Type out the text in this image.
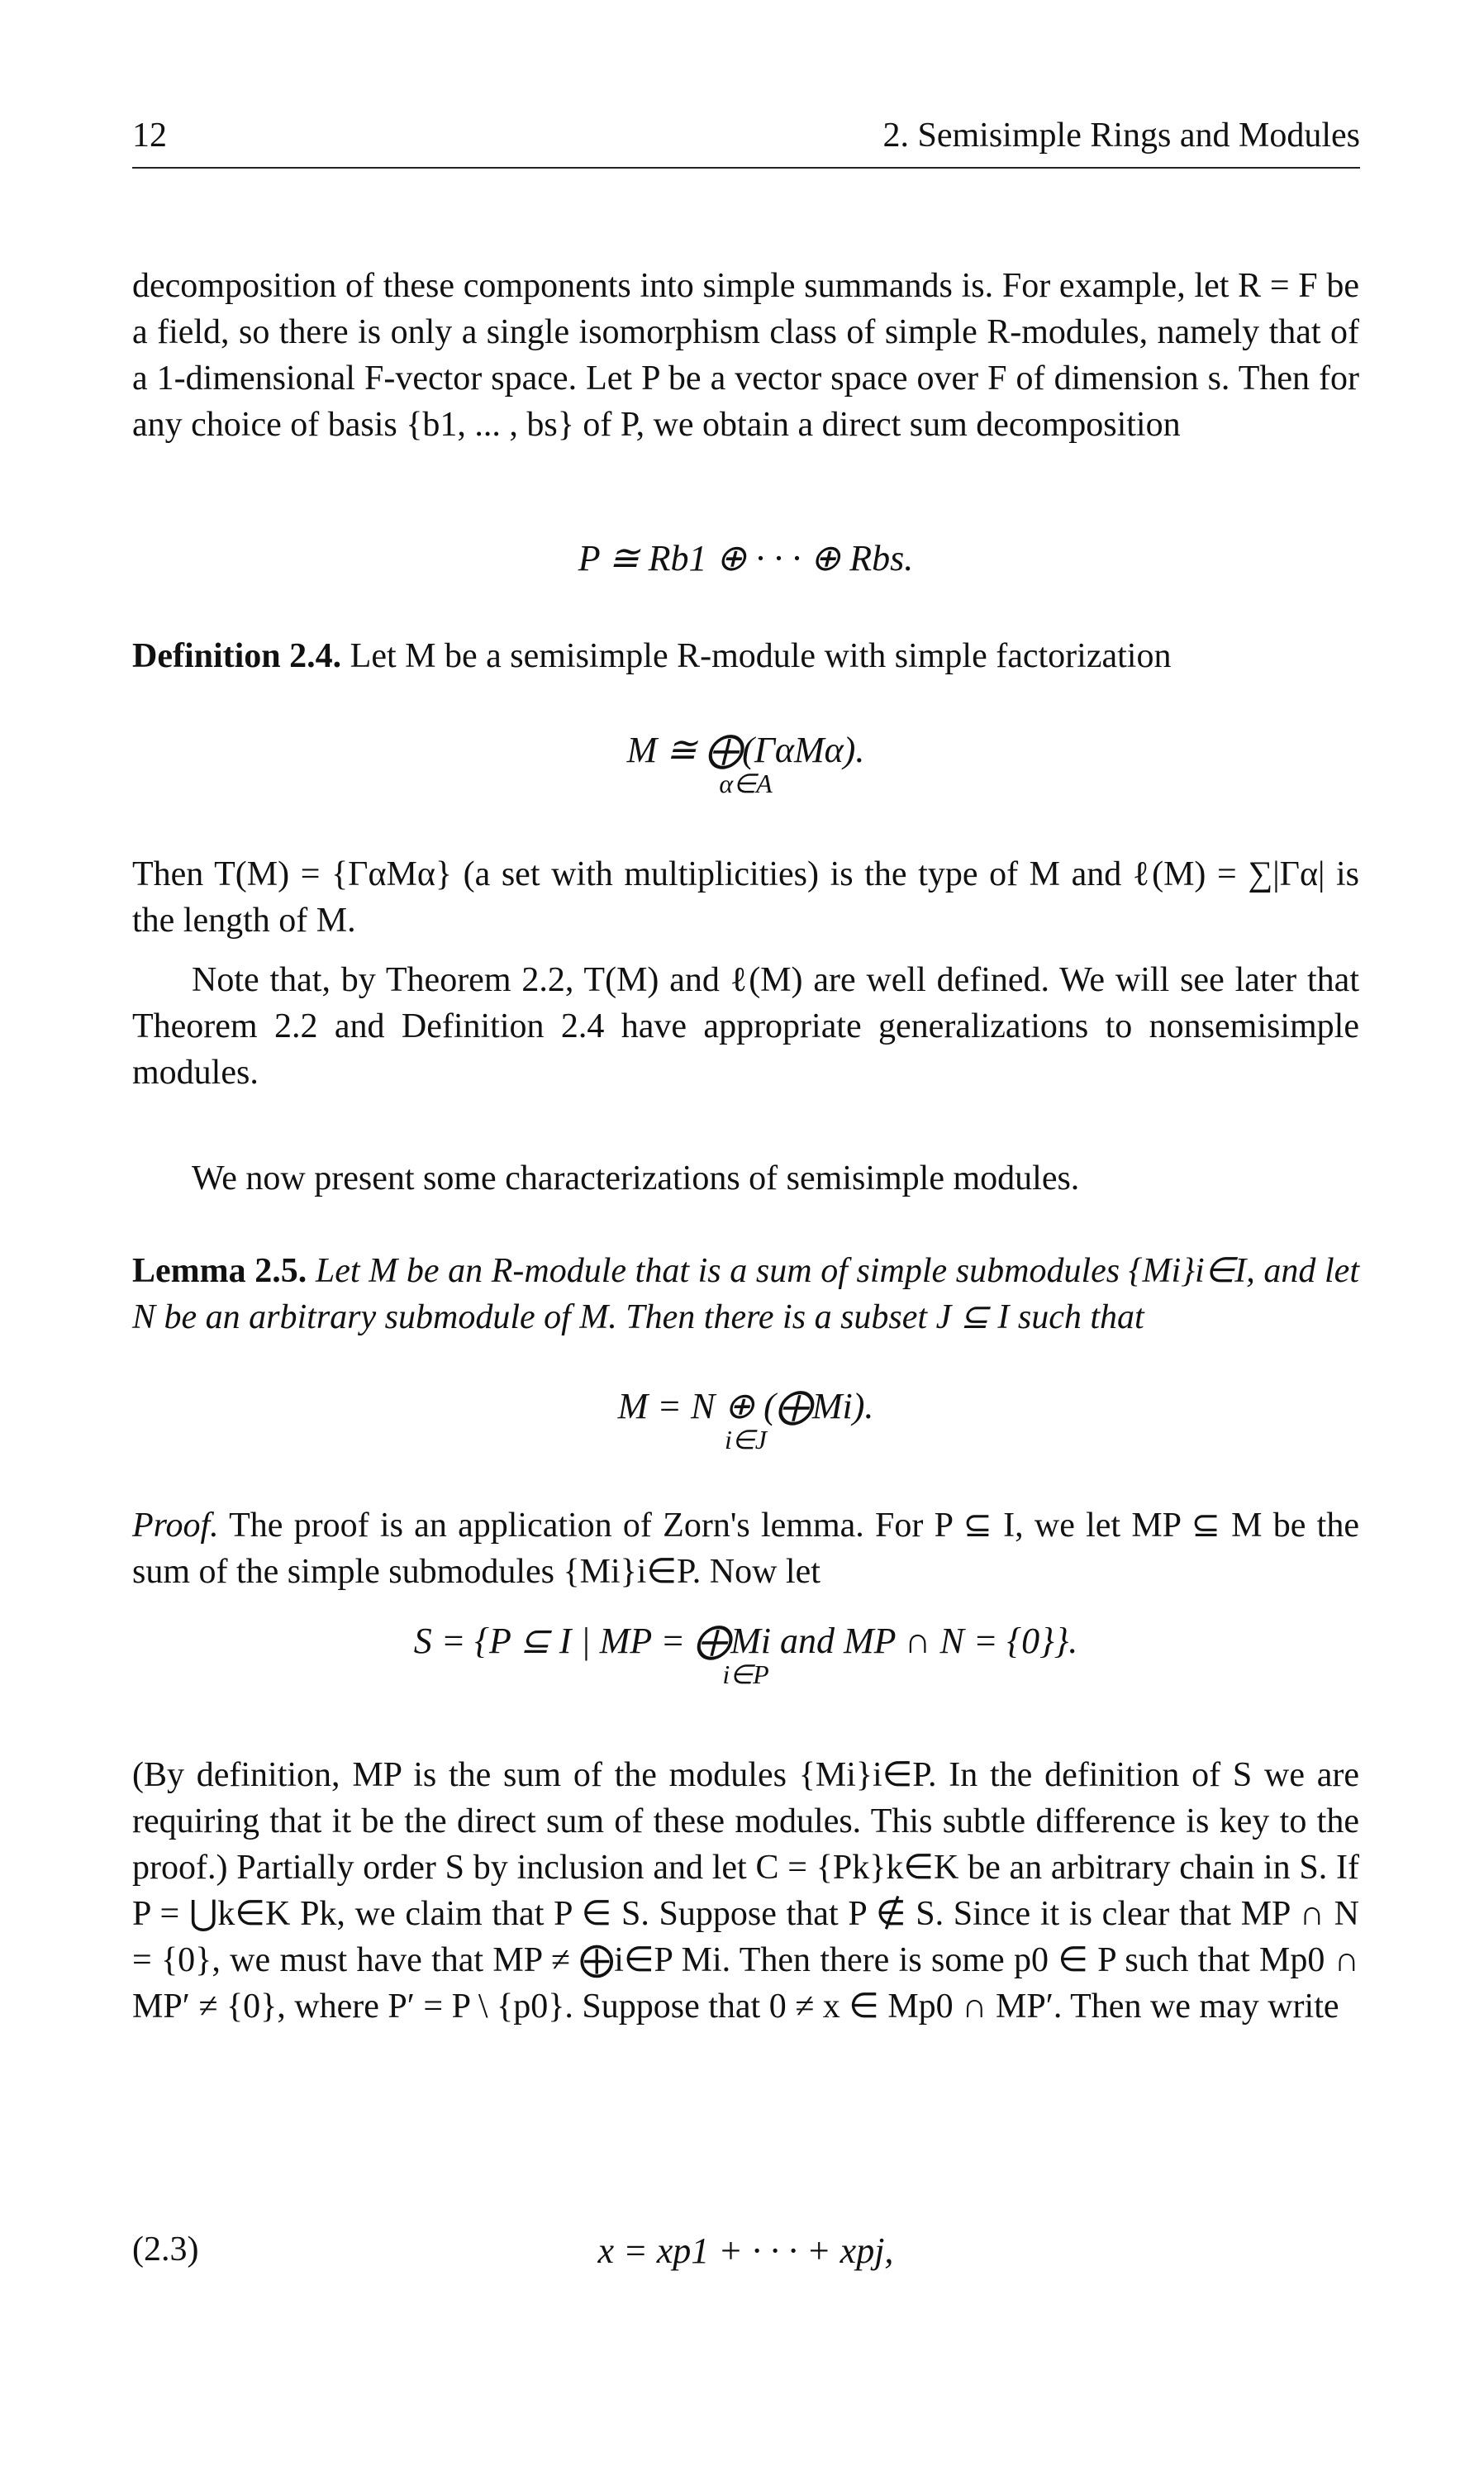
12	2. Semisimple Rings and Modules
decomposition of these components into simple summands is. For example, let R = F be a field, so there is only a single isomorphism class of simple R-modules, namely that of a 1-dimensional F-vector space. Let P be a vector space over F of dimension s. Then for any choice of basis {b1, ... , bs} of P, we obtain a direct sum decomposition
P ≅ Rb1 ⊕ · · · ⊕ Rbs.
Definition 2.4. Let M be a semisimple R-module with simple factorization
M ≅ ⨁(ΓαMα).
α∈A
Then T(M) = {ΓαMα} (a set with multiplicities) is the type of M and ℓ(M) = ∑|Γα| is the length of M.
Note that, by Theorem 2.2, T(M) and ℓ(M) are well defined. We will see later that Theorem 2.2 and Definition 2.4 have appropriate generalizations to nonsemisimple modules.
We now present some characterizations of semisimple modules.
Lemma 2.5. Let M be an R-module that is a sum of simple submodules {Mi}i∈I, and let N be an arbitrary submodule of M. Then there is a subset J ⊆ I such that
M = N ⊕ (⨁Mi).
i∈J
Proof. The proof is an application of Zorn's lemma. For P ⊆ I, we let MP ⊆ M be the sum of the simple submodules {Mi}i∈P. Now let
S = {P ⊆ I | MP = ⨁Mi and MP ∩ N = {0}}.
i∈P
(By definition, MP is the sum of the modules {Mi}i∈P. In the definition of S we are requiring that it be the direct sum of these modules. This subtle difference is key to the proof.) Partially order S by inclusion and let C = {Pk}k∈K be an arbitrary chain in S. If P = ⋃k∈K Pk, we claim that P ∈ S. Suppose that P ∉ S. Since it is clear that MP ∩ N = {0}, we must have that MP ≠ ⨁i∈P Mi. Then there is some p0 ∈ P such that Mp0 ∩ MP′ ≠ {0}, where P′ = P \ {p0}. Suppose that 0 ≠ x ∈ Mp0 ∩ MP′. Then we may write
(2.3)	x = xp1 + · · · + xpj,
